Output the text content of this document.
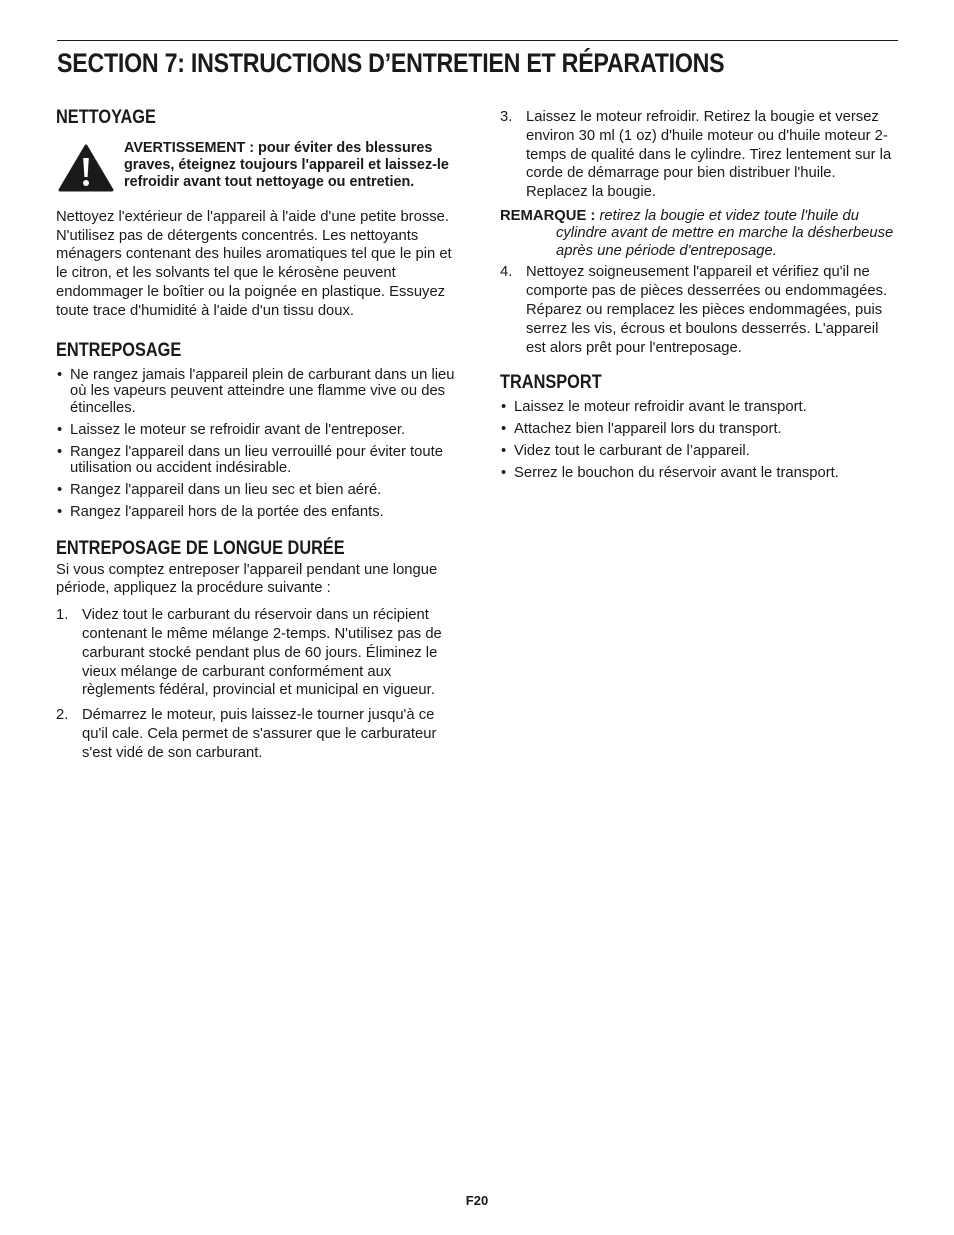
SECTION 7: INSTRUCTIONS D’ENTRETIEN ET RÉPARATIONS
NETTOYAGE

AVERTISSEMENT : pour éviter des blessures graves, éteignez toujours l'appareil et laissez-le refroidir avant tout nettoyage ou entretien.

Nettoyez l'extérieur de l'appareil à l'aide d'une petite brosse. N'utilisez pas de détergents concentrés. Les nettoyants ménagers contenant des huiles aromatiques tel que le pin et le citron, et les solvants tel que le kérosène peuvent endommager le boîtier ou la poignée en plastique. Essuyez toute trace d'humidité à l'aide d'un tissu doux.

ENTREPOSAGE
• Ne rangez jamais l'appareil plein de carburant dans un lieu où les vapeurs peuvent atteindre une flamme vive ou des étincelles.
• Laissez le moteur se refroidir avant de l'entreposer.
• Rangez l'appareil dans un lieu verrouillé pour éviter toute utilisation ou accident indésirable.
• Rangez l'appareil dans un lieu sec et bien aéré.
• Rangez l'appareil hors de la portée des enfants.
ENTREPOSAGE DE LONGUE DURÉE

Si vous comptez entreposer l'appareil pendant une longue période, appliquez la procédure suivante :

1. Videz tout le carburant du réservoir dans un récipient contenant le même mélange 2-temps. N'utilisez pas de carburant stocké pendant plus de 60 jours. Éliminez le vieux mélange de carburant conformément aux règlements fédéral, provincial et municipal en vigueur.
2. Démarrez le moteur, puis laissez-le tourner jusqu'à ce qu'il cale. Cela permet de s'assurer que le carburateur s'est vidé de son carburant.
3. Laissez le moteur refroidir. Retirez la bougie et versez environ 30 ml (1 oz) d'huile moteur ou d'huile moteur 2-temps de qualité dans le cylindre. Tirez lentement sur la corde de démarrage pour bien distribuer l'huile. Replacez la bougie.
REMARQUE : retirez la bougie et videz toute l'huile du cylindre avant de mettre en marche la désherbeuse après une période d'entreposage.
4. Nettoyez soigneusement l'appareil et vérifiez qu'il ne comporte pas de pièces desserrées ou endommagées. Réparez ou remplacez les pièces endommagées, puis serrez les vis, écrous et boulons desserrés. L'appareil est alors prêt pour l'entreposage.
TRANSPORT
• Laissez le moteur refroidir avant le transport.
• Attachez bien l'appareil lors du transport.
• Videz tout le carburant de l’appareil.
• Serrez le bouchon du réservoir avant le transport.
F20
